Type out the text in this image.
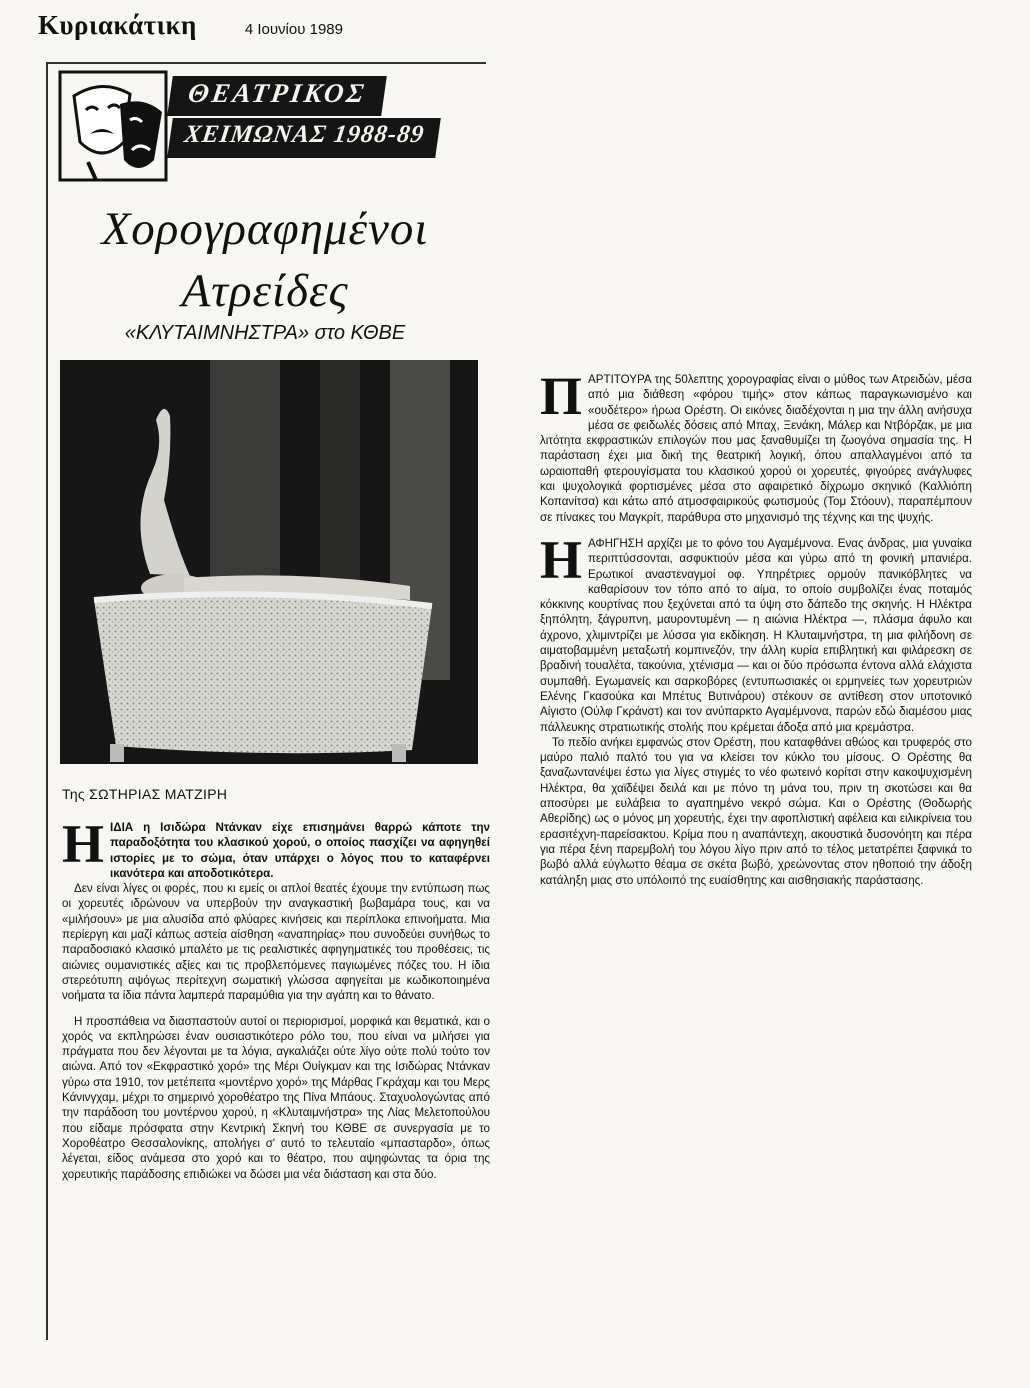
Κυριακάτικη	4 Ιουνίου 1989
ΘΕΑΤΡΙΚΟΣ
ΧΕΙΜΩΝΑΣ 1988-89
Χορογραφημένοι
Ατρείδες

«ΚΛΥΤΑΙΜΝΗΣΤΡΑ» στο ΚΘΒΕ

Της ΣΩΤΗΡΙΑΣ ΜΑΤΖΙΡΗ

Η ΙΔΙΑ η Ισιδώρα Ντάνκαν είχε επισημάνει θαρρώ κάποτε την παραδοξότητα του κλασικού χορού, ο οποίος πασχίζει να αφηγηθεί ιστορίες με το σώμα, όταν υπάρχει ο λόγος που το καταφέρνει ικανότερα και αποδοτικότερα.

Δεν είναι λίγες οι φορές, που κι εμείς οι απλοί θεατές έχουμε την εντύπωση πως οι χορευτές ιδρώνουν να υπερβούν την αναγκαστική βωβαμάρα τους, και να «μιλήσουν» με μια αλυσίδα από φλύαρες κινήσεις και περίπλοκα επινοήματα. Μια περίεργη και μαζί κάπως αστεία αίσθηση «αναπηρίας» που συνοδεύει συνήθως το παραδοσιακό κλασικό μπαλέτο με τις ρεαλιστικές αφηγηματικές του προθέσεις, τις αιώνιες ουμανιστικές αξίες και τις προβλεπόμενες παγιωμένες πόζες του. Η ίδια στερεότυπη αψόγως περίτεχνη σωματική γλώσσα αφηγείται με κωδικοποιημένα νοήματα τα ίδια πάντα λαμπερά παραμύθια για την αγάπη και το θάνατο.

Η προσπάθεια να διασπαστούν αυτοί οι περιορισμοί, μορφικά και θεματικά, και ο χορός να εκπληρώσει έναν ουσιαστικότερο ρόλο του, που είναι να μιλήσει για πράγματα που δεν λέγονται με τα λόγια, αγκαλιάζει ούτε λίγο ούτε πολύ τούτο τον αιώνα. Από τον «Εκφραστικό χορό» της Μέρι Ουίγκμαν και της Ισιδώρας Ντάνκαν γύρω στα 1910, τον μετέπειτα «μοντέρνο χορό» της Μάρθας Γκράχαμ και του Μερς Κάνινγχαμ, μέχρι το σημερινό χοροθέατρο της Πίνα Μπάους. Σταχυολογώντας από την παράδοση του μοντέρνου χορού, η «Κλυταιμνήστρα» της Λίας Μελετοπούλου που είδαμε πρόσφατα στην Κεντρική Σκηνή του ΚΘΒΕ σε συνεργασία με το Χοροθέατρο Θεσσαλονίκης, απολήγει σ' αυτό το τελευταίο «μπασταρδο», όπως λέγεται, είδος ανάμεσα στο χορό και το θέατρο, που αψηφώντας τα όρια της χορευτικής παράδοσης επιδιώκει να δώσει μια νέα διάσταση και στα δύο.

Π ΑΡΤΙΤΟΥΡΑ της 50λεπτης χορογραφίας είναι ο μύθος των Ατρειδών, μέσα από μια διάθεση «φόρου τιμής» στον κάπως παραγκωνισμένο και «ουδέτερο» ήρωα Ορέστη. Οι εικόνες διαδέχονται η μια την άλλη ανήσυχα μέσα σε φειδωλές δόσεις από Μπαχ, Ξενάκη, Μάλερ και Ντβόρζακ, με μια λιτότητα εκφραστικών επιλογών που μας ξαναθυμίζει τη ζωογόνα σημασία της. Η παράσταση έχει μια δική της θεατρική λογική, όπου απαλλαγμένοι από τα ωραιοπαθή φτερουγίσματα του κλασικού χορού οι χορευτές, φιγούρες ανάγλυφες και ψυχολογικά φορτισμένες μέσα στο αφαιρετικό δίχρωμο σκηνικό (Καλλιόπη Κοπανίτσα) και κάτω από ατμοσφαιρικούς φωτισμούς (Τομ Στόουν), παραπέμπουν σε πίνακες του Μαγκρίτ, παράθυρα στο μηχανισμό της τέχνης και της ψυχής.

Η ΑΦΗΓΗΣΗ αρχίζει με το φόνο του Αγαμέμνονα. Ενας άνδρας, μια γυναίκα περιπτύσσονται, ασφυκτιούν μέσα και γύρω από τη φονική μπανιέρα. Ερωτικοί αναστεναγμοί οφ. Υπηρέτριες ορμούν πανικόβλητες να καθαρίσουν τον τόπο από το αίμα, το οποίο συμβολίζει ένας ποταμός κόκκινης κουρτίνας που ξεχύνεται από τα ύψη στο δάπεδο της σκηνής. Η Ηλέκτρα ξηπόλητη, ξάγρυπνη, μαυροντυμένη — η αιώνια Ηλέκτρα —, πλάσμα άφυλο και άχρονο, χλιμιντρίζει με λύσσα για εκδίκηση. Η Κλυταιμνήστρα, τη μια φιλήδονη σε αιματοβαμμένη μεταξωτή κομπινεζόν, την άλλη κυρία επιβλητική και φιλάρεσκη σε βραδινή τουαλέτα, τακούνια, χτένισμα — και οι δύο πρόσωπα έντονα αλλά ελάχιστα συμπαθή. Εγωμανείς και σαρκοβόρες (εντυπωσιακές οι ερμηνείες των χορευτριών Ελένης Γκασούκα και Μπέτυς Βυτινάρου) στέκουν σε αντίθεση στον υποτονικό Αίγιστο (Ούλφ Γκράνστ) και τον ανύπαρκτο Αγαμέμνονα, παρών εδώ διαμέσου μιας πάλλευκης στρατιωτικής στολής που κρέμεται άδοξα από μια κρεμάστρα.

Το πεδίο ανήκει εμφανώς στον Ορέστη, που καταφθάνει αθώος και τρυφερός στο μαύρο παλιό παλτό του για να κλείσει τον κύκλο του μίσους. Ο Ορέστης θα ξαναζωντανέψει έστω για λίγες στιγμές το νέο φωτεινό κορίτσι στην κακοψυχισμένη Ηλέκτρα, θα χαϊδέψει δειλά και με πόνο τη μάνα του, πριν τη σκοτώσει και θα αποσύρει με ευλάβεια το αγαπημένο νεκρό σώμα. Και ο Ορέστης (Θοδωρής Αθερίδης) ως ο μόνος μη χορευτής, έχει την αφοπλιστική αφέλεια και ειλικρίνεια του ερασιτέχνη-παρείσακτου. Κρίμα που η αναπάντεχη, ακουστικά δυσονόητη και πέρα για πέρα ξένη παρεμβολή του λόγου λίγο πριν από το τέλος μετατρέπει ξαφνικά το βωβό αλλά εύγλωττο θέαμα σε σκέτα βωβό, χρεώνοντας στον ηθοποιό την άδοξη κατάληξη μιας στο υπόλοιπό της ευαίσθητης και αισθησιακής παράστασης.
